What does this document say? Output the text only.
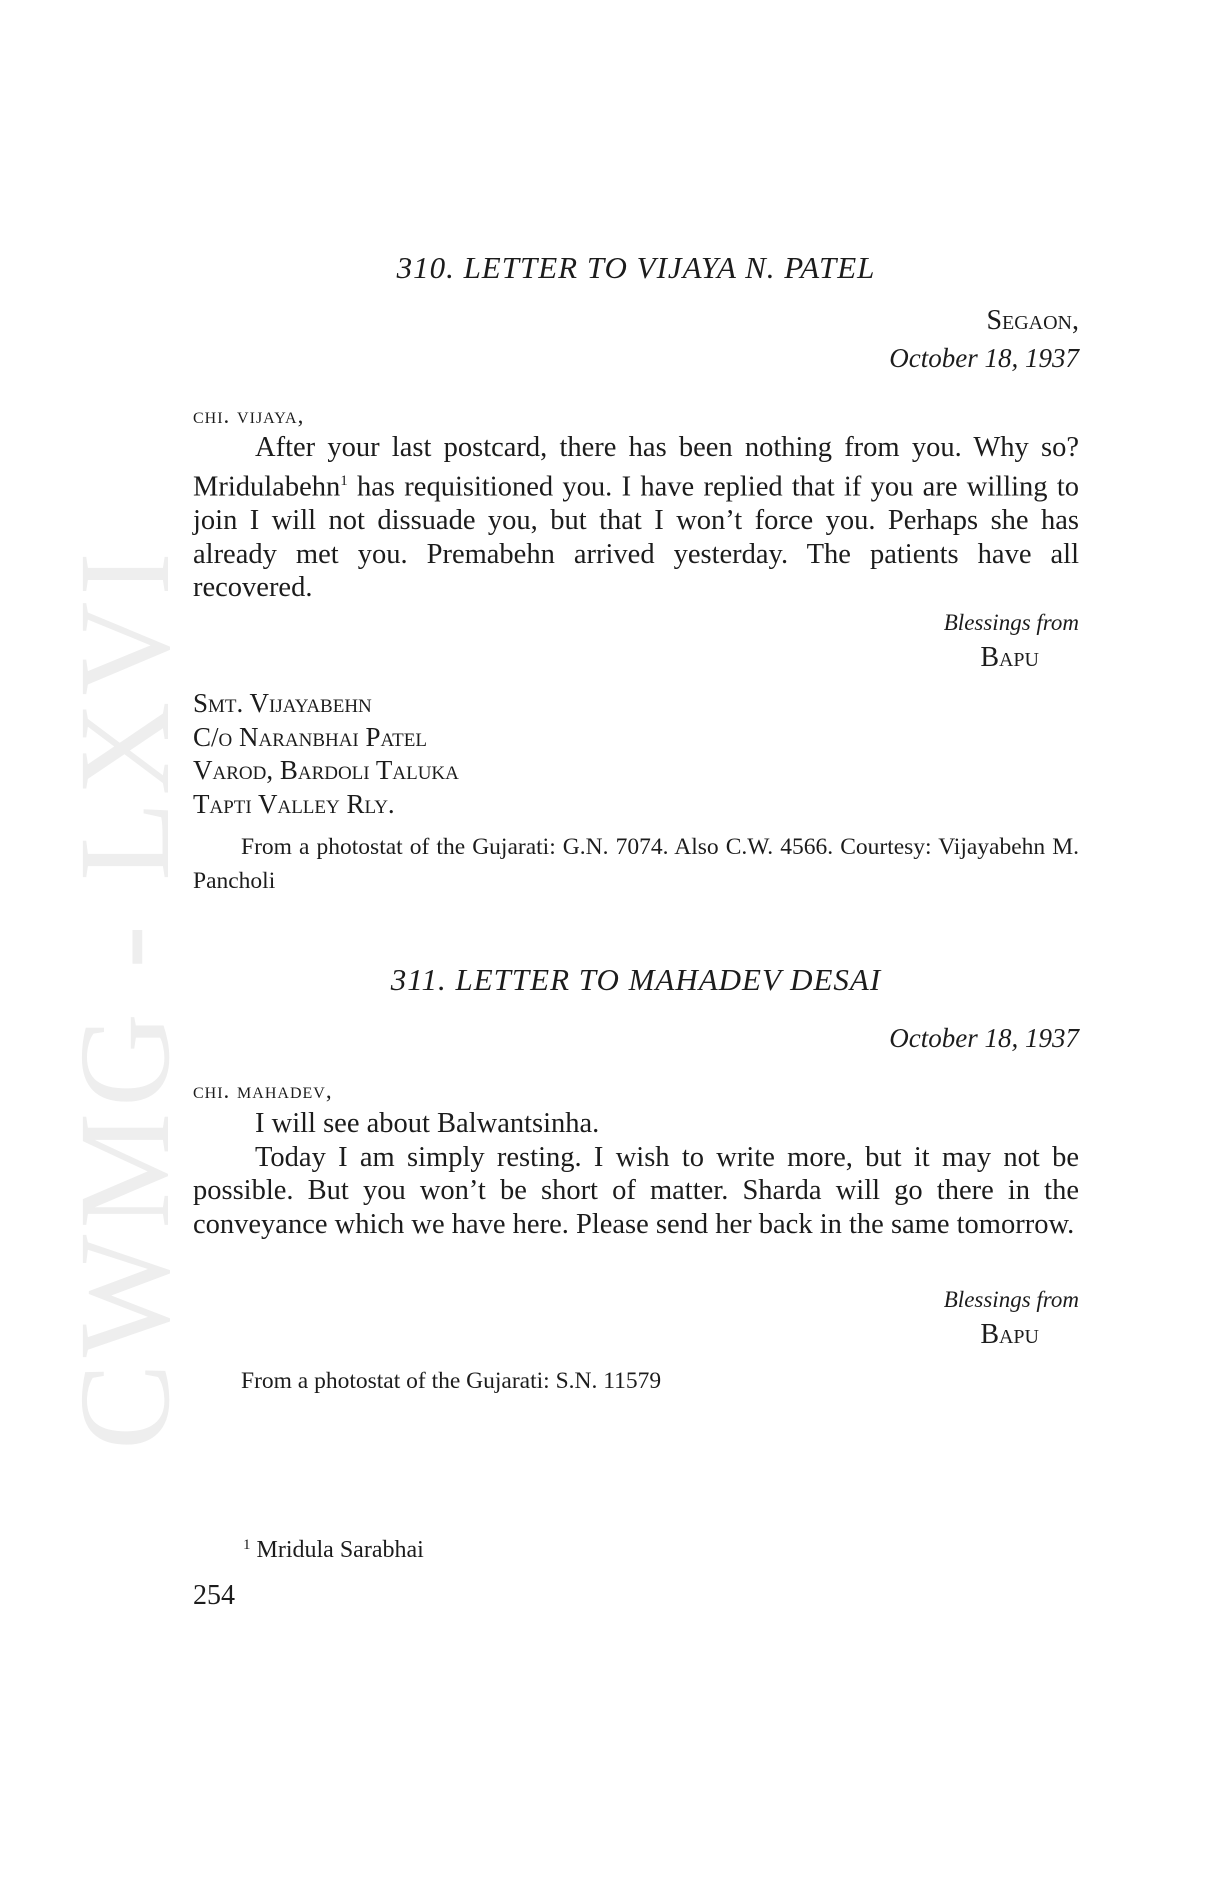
CWMG - LXVI
310. LETTER TO VIJAYA N. PATEL
Segaon,
October 18, 1937
chi. vijaya,

After your last postcard, there has been nothing from you. Why so? Mridulabehn$^1$ has requisitioned you. I have replied that if you are willing to join I will not dissuade you, but that I won’t force you. Perhaps she has already met you. Premabehn arrived yesterday. The patients have all recovered.

Blessings from
Bapu
Smt. Vijayabehn
C/o Naranbhai Patel
Varod, Bardoli Taluka
Tapti Valley Rly.
From a photostat of the Gujarati: G.N. 7074. Also C.W. 4566. Courtesy: Vijayabehn M. Pancholi
311. LETTER TO MAHADEV DESAI
October 18, 1937
chi. mahadev,

I will see about Balwantsinha.

Today I am simply resting. I wish to write more, but it may not be possible. But you won’t be short of matter. Sharda will go there in the conveyance which we have here. Please send her back in the same tomorrow.

Blessings from
Bapu
From a photostat of the Gujarati: S.N. 11579
$^1$ Mridula Sarabhai
254
